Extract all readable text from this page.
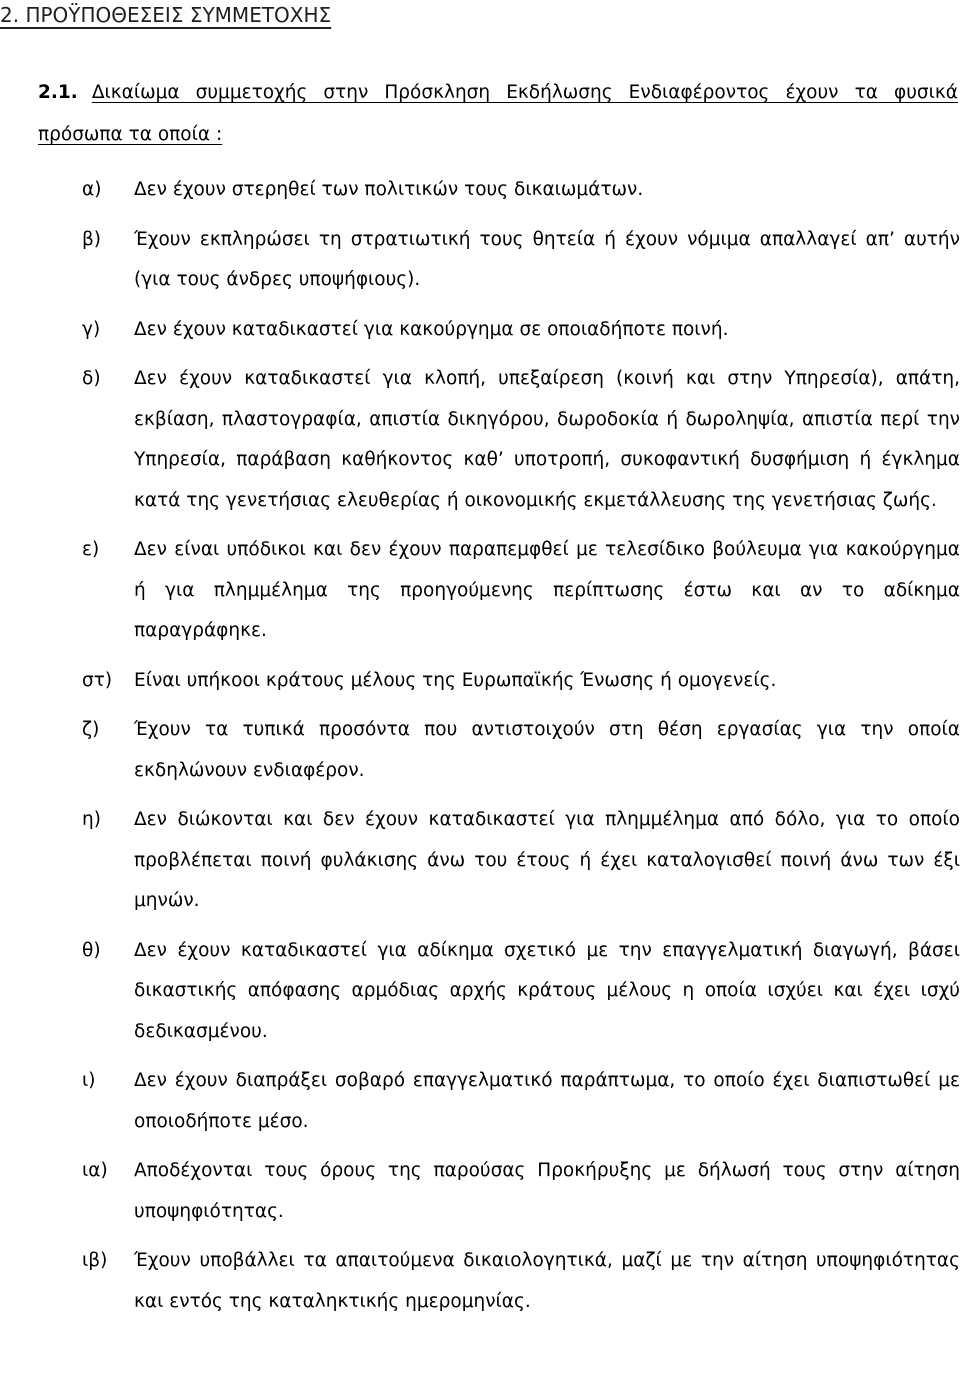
2. ΠΡΟΫΠΟΘΕΣΕΙΣ ΣΥΜΜΕΤΟΧΗΣ
2.1. Δικαίωμα συμμετοχής στην Πρόσκληση Εκδήλωσης Ενδιαφέροντος έχουν τα φυσικά πρόσωπα τα οποία :
α) Δεν έχουν στερηθεί των πολιτικών τους δικαιωμάτων.
β) Έχουν εκπληρώσει τη στρατιωτική τους θητεία ή έχουν νόμιμα απαλλαγεί απ’ αυτήν (για τους άνδρες υποψήφιους).
γ) Δεν έχουν καταδικαστεί για κακούργημα σε οποιαδήποτε ποινή.
δ) Δεν έχουν καταδικαστεί για κλοπή, υπεξαίρεση (κοινή και στην Υπηρεσία), απάτη, εκβίαση, πλαστογραφία, απιστία δικηγόρου, δωροδοκία ή δωροληψία, απιστία περί την Υπηρεσία, παράβαση καθήκοντος καθ’ υποτροπή, συκοφαντική δυσφήμιση ή έγκλημα κατά της γενετήσιας ελευθερίας ή οικονομικής εκμετάλλευσης της γενετήσιας ζωής.
ε) Δεν είναι υπόδικοι και δεν έχουν παραπεμφθεί με τελεσίδικο βούλευμα για κακούργημα ή για πλημμέλημα της προηγούμενης περίπτωσης έστω και αν το αδίκημα παραγράφηκε.
στ) Είναι υπήκοοι κράτους μέλους της Ευρωπαϊκής Ένωσης ή ομογενείς.
ζ) Έχουν τα τυπικά προσόντα που αντιστοιχούν στη θέση εργασίας για την οποία εκδηλώνουν ενδιαφέρον.
η) Δεν διώκονται και δεν έχουν καταδικαστεί για πλημμέλημα από δόλο, για το οποίο προβλέπεται ποινή φυλάκισης άνω του έτους ή έχει καταλογισθεί ποινή άνω των έξι μηνών.
θ) Δεν έχουν καταδικαστεί για αδίκημα σχετικό με την επαγγελματική διαγωγή, βάσει δικαστικής απόφασης αρμόδιας αρχής κράτους μέλους η οποία ισχύει και έχει ισχύ δεδικασμένου.
ι) Δεν έχουν διαπράξει σοβαρό επαγγελματικό παράπτωμα, το οποίο έχει διαπιστωθεί με οποιοδήποτε μέσο.
ια) Αποδέχονται τους όρους της παρούσας Προκήρυξης με δήλωσή τους στην αίτηση υποψηφιότητας.
ιβ) Έχουν υποβάλλει τα απαιτούμενα δικαιολογητικά, μαζί με την αίτηση υποψηφιότητας και εντός της καταληκτικής ημερομηνίας.
